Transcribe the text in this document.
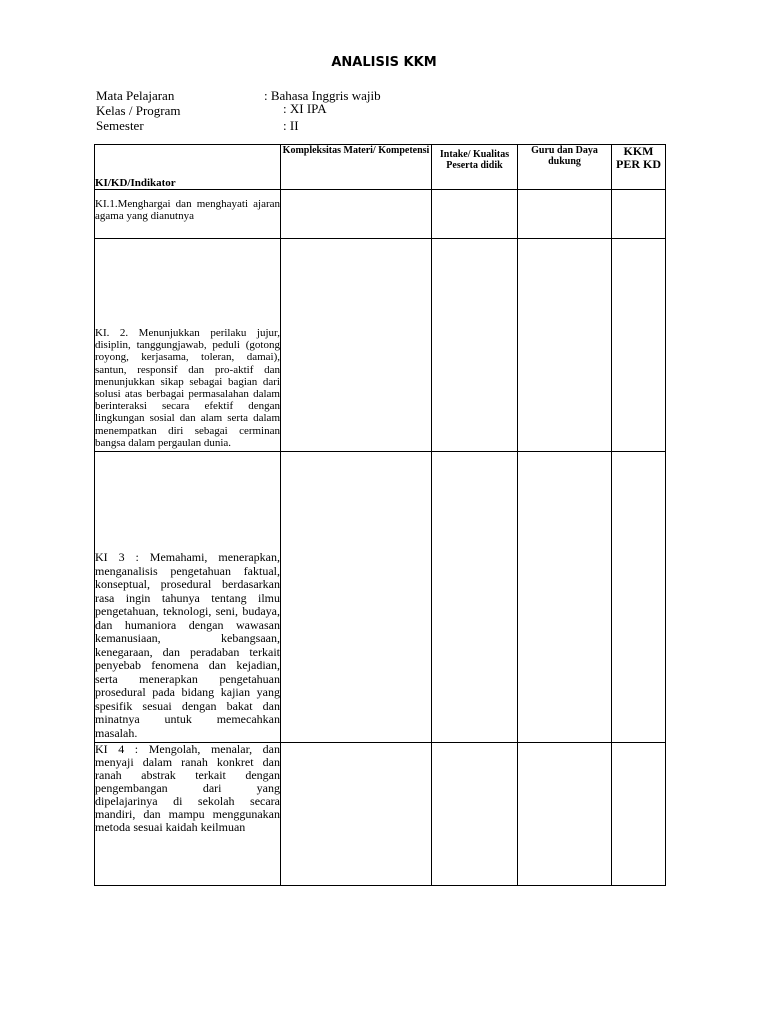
ANALISIS KKM
Mata Pelajaran	: Bahasa Inggris wajib
Kelas / Program	: XI IPA
Semester	: II
KI/KD/Indikator	Kompleksitas Materi/ Kompetensi	Intake/ Kualitas Peserta didik	Guru dan Daya dukung	KKM PER KD
KI.1.Menghargai dan menghayati ajaran agama yang dianutnya				
KI. 2. Menunjukkan perilaku jujur, disiplin, tanggungjawab, peduli (gotong royong, kerjasama, toleran, damai), santun, responsif dan pro-aktif dan menunjukkan sikap sebagai bagian dari solusi atas berbagai permasalahan dalam berinteraksi secara efektif dengan lingkungan sosial dan alam serta dalam menempatkan diri sebagai cerminan bangsa dalam pergaulan dunia.				
KI 3 : Memahami, menerapkan, menganalisis pengetahuan faktual, konseptual, prosedural berdasarkan rasa ingin tahunya tentang ilmu pengetahuan, teknologi, seni, budaya, dan humaniora dengan wawasan kemanusiaan, kebangsaan, kenegaraan, dan peradaban terkait penyebab fenomena dan kejadian, serta menerapkan pengetahuan prosedural pada bidang kajian yang spesifik sesuai dengan bakat dan minatnya untuk memecahkan masalah.				
KI 4 : Mengolah, menalar, dan menyaji dalam ranah konkret dan ranah abstrak terkait dengan pengembangan dari yang dipelajarinya di sekolah secara mandiri, dan mampu menggunakan metoda sesuai kaidah keilmuan				
